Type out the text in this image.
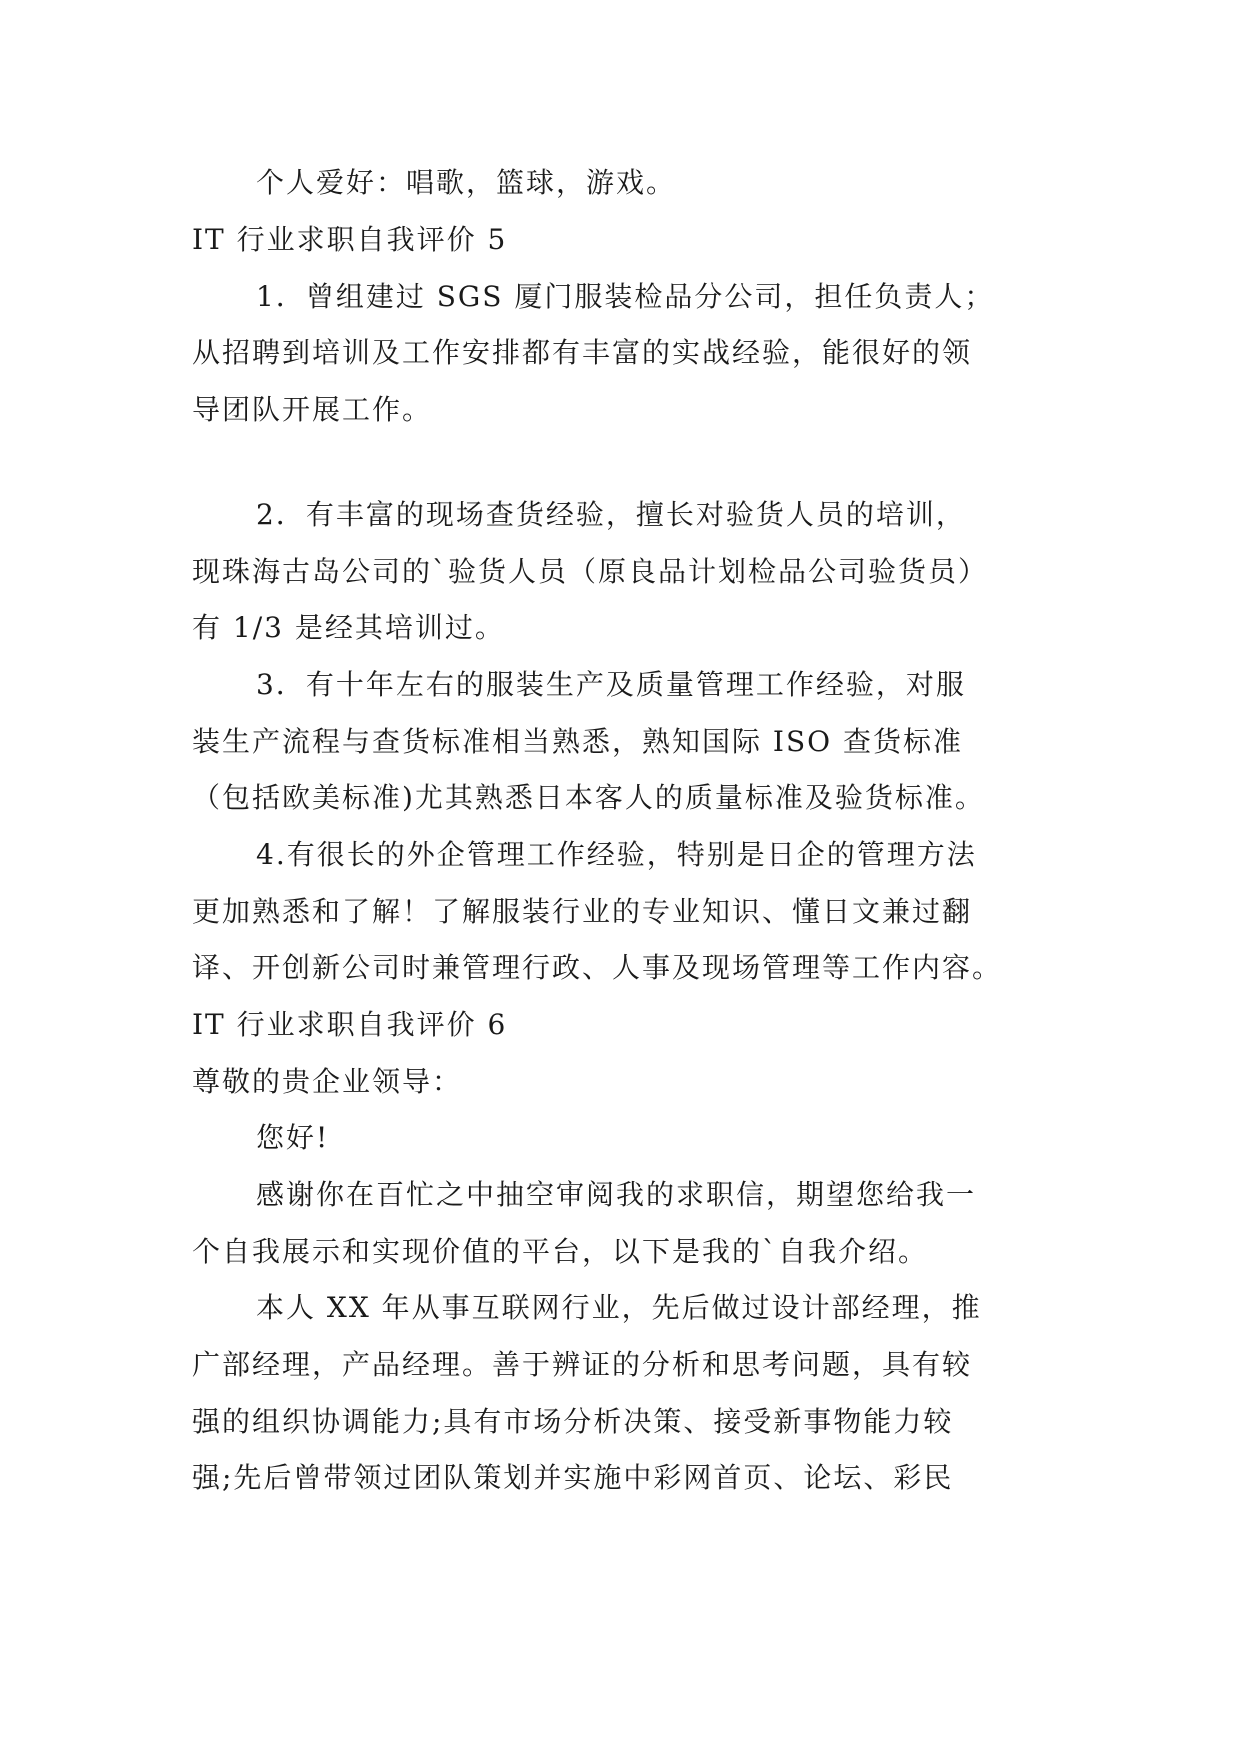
个人爱好：唱歌，篮球，游戏。
IT 行业求职自我评价 5
1．曾组建过 SGS 厦门服装检品分公司，担任负责人；
从招聘到培训及工作安排都有丰富的实战经验，能很好的领
导团队开展工作。
2．有丰富的现场查货经验，擅长对验货人员的培训，
现珠海古岛公司的`验货人员（原良品计划检品公司验货员）
有 1/3 是经其培训过。
3．有十年左右的服装生产及质量管理工作经验，对服
装生产流程与查货标准相当熟悉，熟知国际 ISO 查货标准
（包括欧美标准)尤其熟悉日本客人的质量标准及验货标准。
4.有很长的外企管理工作经验，特别是日企的管理方法
更加熟悉和了解！了解服装行业的专业知识、懂日文兼过翻
译、开创新公司时兼管理行政、人事及现场管理等工作内容。
IT 行业求职自我评价 6
尊敬的贵企业领导：
您好!
感谢你在百忙之中抽空审阅我的求职信，期望您给我一
个自我展示和实现价值的平台，以下是我的`自我介绍。
本人 XX 年从事互联网行业，先后做过设计部经理，推
广部经理，产品经理。善于辨证的分析和思考问题，具有较
强的组织协调能力;具有市场分析决策、接受新事物能力较
强;先后曾带领过团队策划并实施中彩网首页、论坛、彩民
